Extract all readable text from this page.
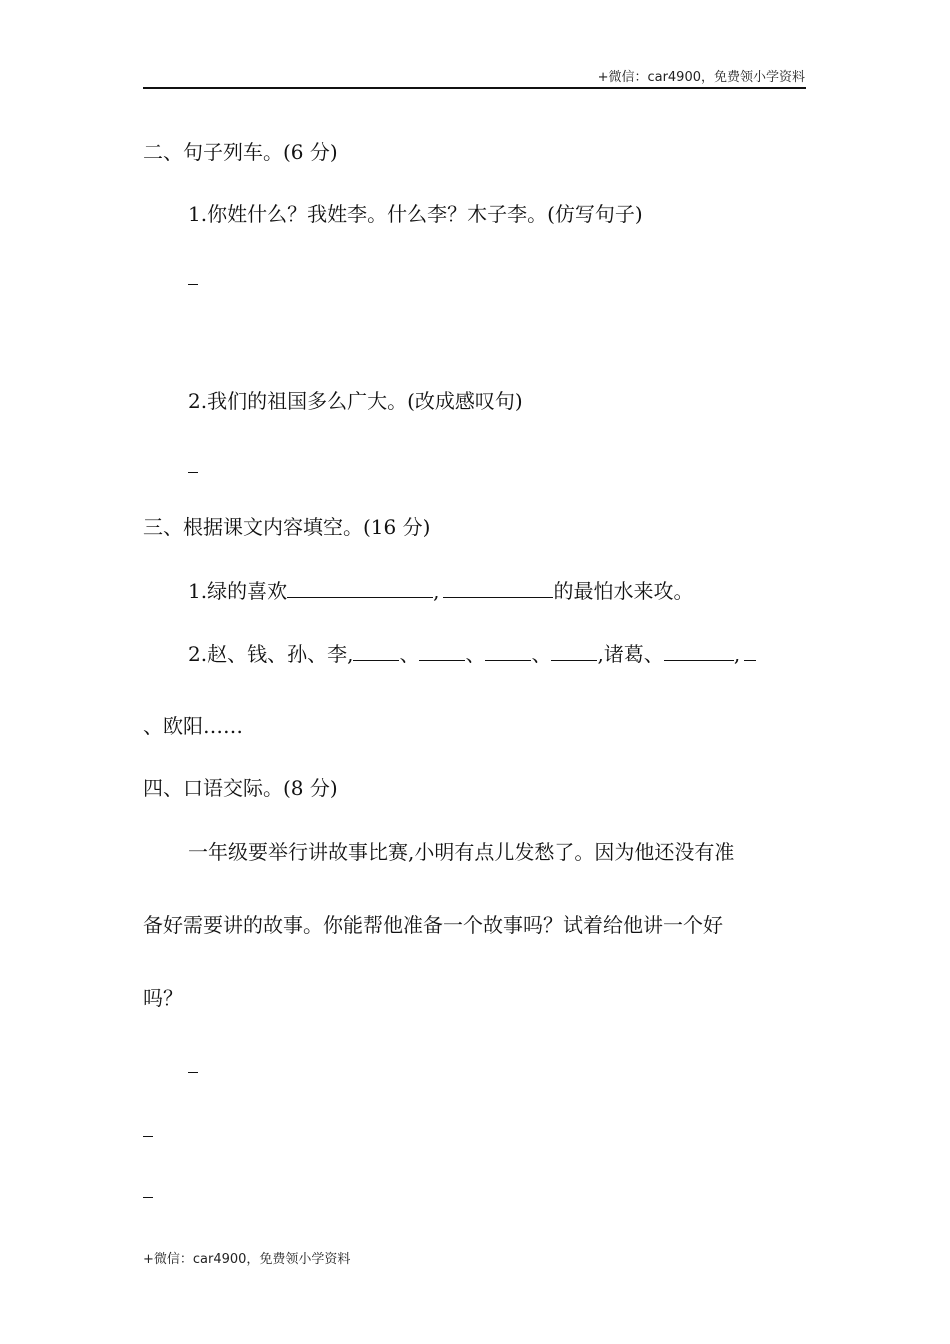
+微信：car4900，免费领小学资料
二、句子列车。(6 分)
1.你姓什么？我姓李。什么李？木子李。(仿写句子)
2.我们的祖国多么广大。(改成感叹句)
三、根据课文内容填空。(16 分)
1.绿的喜欢	,	的最怕水来攻。
2.赵、钱、孙、李, 、 、 、 ,诸葛、	,
、欧阳……
四、口语交际。(8 分)
一年级要举行讲故事比赛,小明有点儿发愁了。因为他还没有准
备好需要讲的故事。你能帮他准备一个故事吗？试着给他讲一个好
吗？
+微信：car4900，免费领小学资料
